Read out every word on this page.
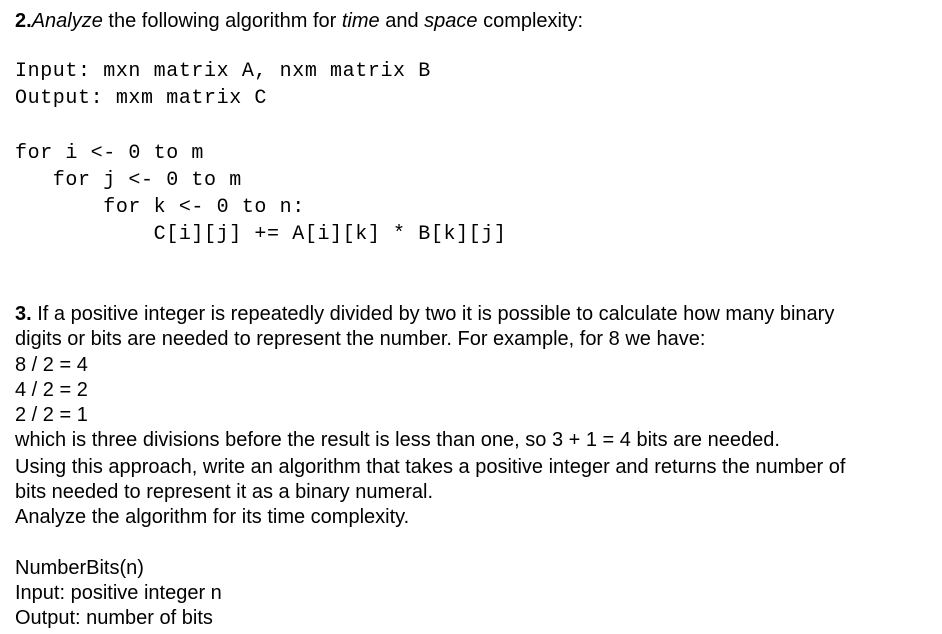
2.Analyze the following algorithm for time and space complexity:
Input: mxn matrix A, nxm matrix B
Output: mxm matrix C
for i <- 0 to m
for j <- 0 to m
for k <- 0 to n:
C[i][j] += A[i][k] * B[k][j]
3. If a positive integer is repeatedly divided by two it is possible to calculate how many binary
digits or bits are needed to represent the number. For example, for 8 we have:
8 / 2 = 4
4 / 2 = 2
2 / 2 = 1
which is three divisions before the result is less than one, so 3 + 1 = 4 bits are needed.
Using this approach, write an algorithm that takes a positive integer and returns the number of
bits needed to represent it as a binary numeral.
Analyze the algorithm for its time complexity.
NumberBits(n)
Input: positive integer n
Output: number of bits
